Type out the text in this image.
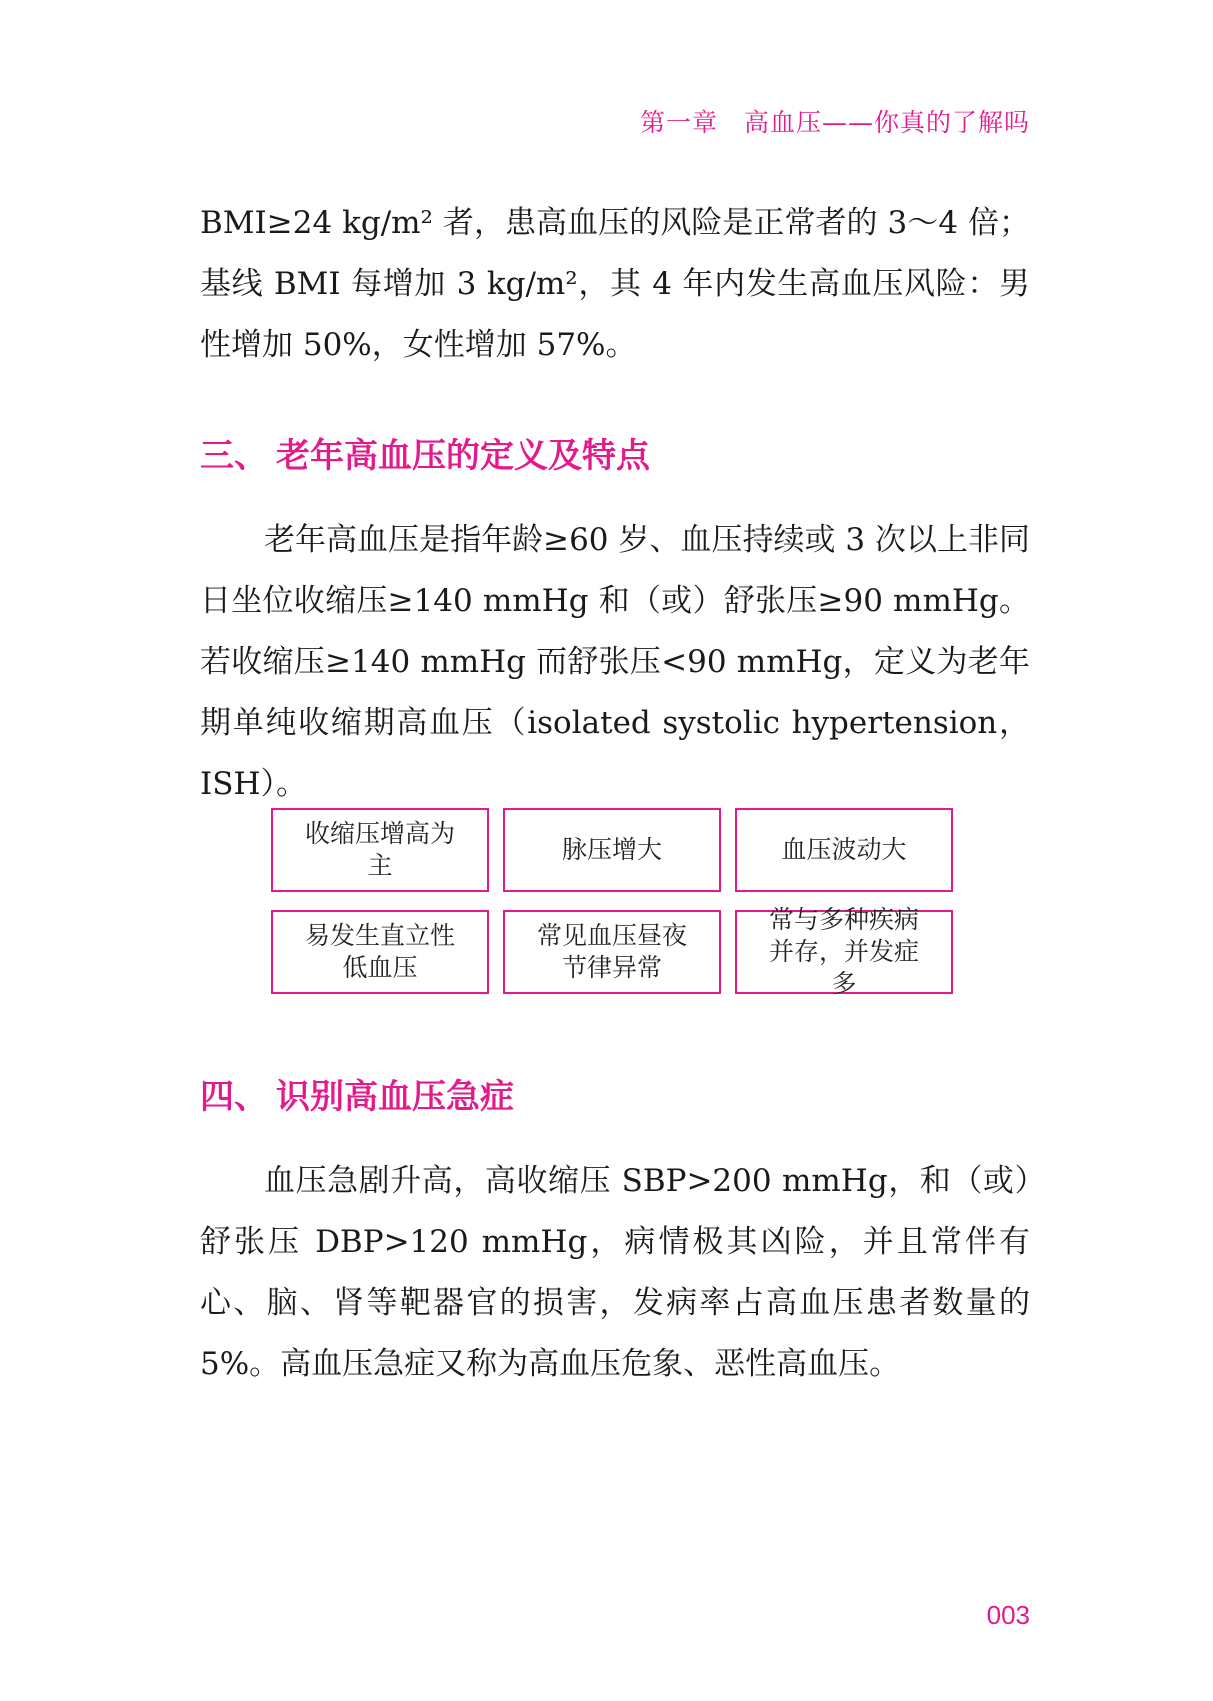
第一章 高血压——你真的了解吗

BMI≥24 kg/m² 者，患高血压的风险是正常者的 3～4 倍；基线 BMI 每增加 3 kg/m²，其 4 年内发生高血压风险：男性增加 50%，女性增加 57%。

三、 老年高血压的定义及特点

老年高血压是指年龄≥60 岁、血压持续或 3 次以上非同日坐位收缩压≥140 mmHg 和（或）舒张压≥90 mmHg。若收缩压≥140 mmHg 而舒张压<90 mmHg，定义为老年期单纯收缩期高血压（isolated systolic hypertension，ISH）。

收缩压增高为主
脉压增大	血压波动大
易发生直立性低血压
常见血压昼夜节律异常
常与多种疾病并存，并发症多
四、 识别高血压急症

血压急剧升高，高收缩压 SBP>200 mmHg，和（或）舒张压 DBP>120 mmHg，病情极其凶险，并且常伴有心、脑、肾等靶器官的损害，发病率占高血压患者数量的 5%。高血压急症又称为高血压危象、恶性高血压。

003
